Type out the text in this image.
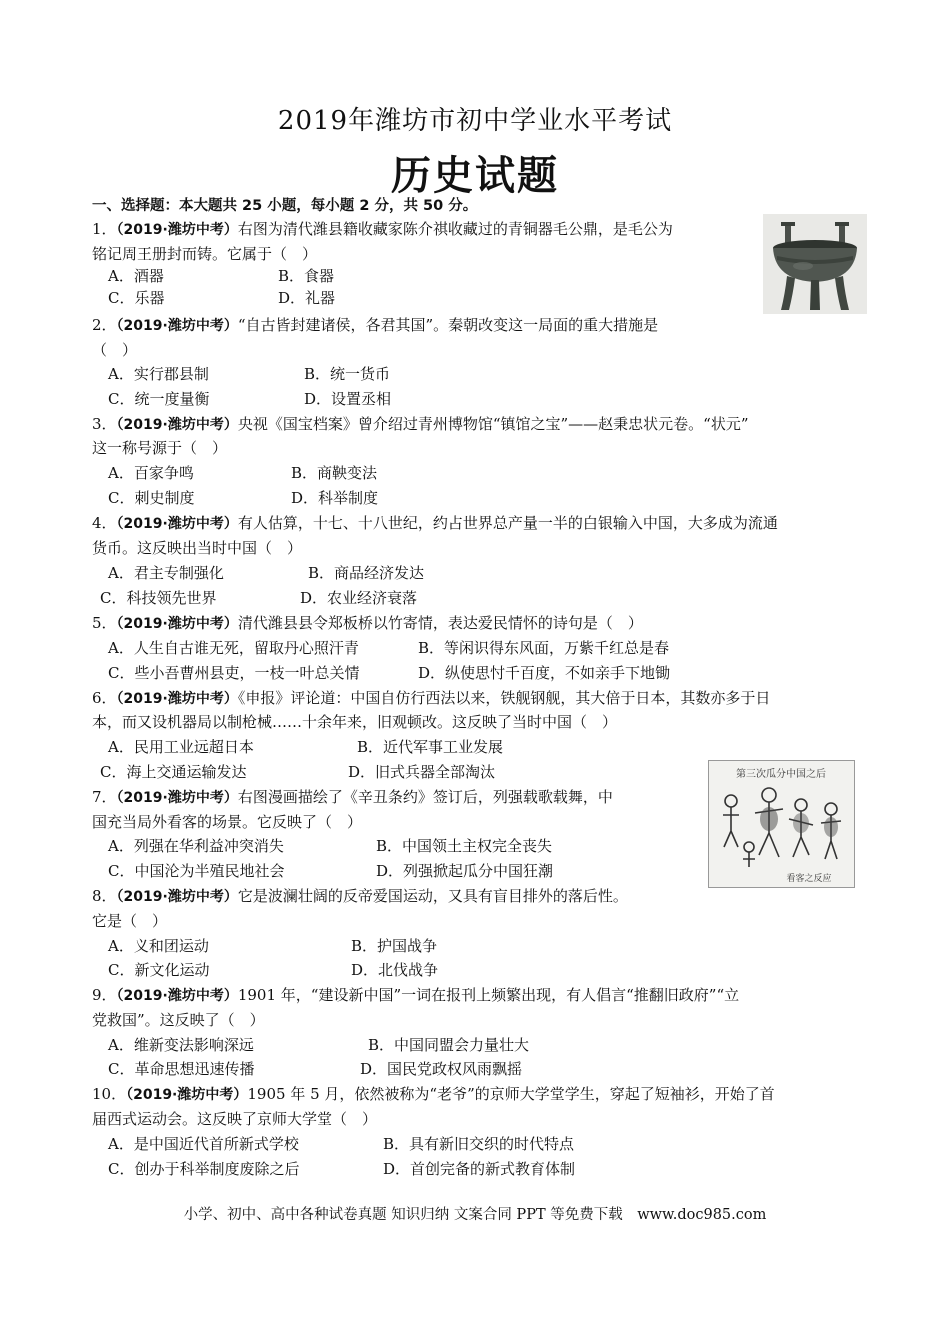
2019年潍坊市初中学业水平考试
历史试题
一、选择题：本大题共 25 小题，每小题 2 分，共 50 分。
1．（2019·潍坊中考）右图为清代潍县籍收藏家陈介祺收藏过的青铜器毛公鼎，是毛公为
铭记周王册封而铸。它属于（　）
A．酒器	B．食器
C．乐器	D．礼器
2．（2019·潍坊中考）“自古皆封建诸侯，各君其国”。秦朝改变这一局面的重大措施是
（　）
A．实行郡县制	B．统一货币
C．统一度量衡	D．设置丞相
3．（2019·潍坊中考）央视《国宝档案》曾介绍过青州博物馆“镇馆之宝”——赵秉忠状元卷。“状元”
这一称号源于（　）
A．百家争鸣	B．商鞅变法
C．刺史制度	D．科举制度
4．（2019·潍坊中考）有人估算，十七、十八世纪，约占世界总产量一半的白银输入中国，大多成为流通
货币。这反映出当时中国（　）
A．君主专制强化	B．商品经济发达
C．科技领先世界	D．农业经济衰落
5．（2019·潍坊中考）清代潍县县令郑板桥以竹寄情，表达爱民情怀的诗句是（　）
A．人生自古谁无死，留取丹心照汗青	B．等闲识得东风面，万紫千红总是春
C．些小吾曹州县吏，一枝一叶总关情	D．纵使思忖千百度，不如亲手下地锄
6．（2019·潍坊中考）《申报》评论道：中国自仿行西法以来，铁舰钢舰，其大倍于日本，其数亦多于日
本，而又设机器局以制枪械……十余年来，旧观顿改。这反映了当时中国（　）
A．民用工业远超日本	B．近代军事工业发展
C．海上交通运输发达	D．旧式兵器全部淘汰	第三次瓜分中国之后
看客之反应
7．（2019·潍坊中考）右图漫画描绘了《辛丑条约》签订后，列强载歌载舞，中
国充当局外看客的场景。它反映了（　）
A．列强在华利益冲突消失	B．中国领土主权完全丧失
C．中国沦为半殖民地社会	D．列强掀起瓜分中国狂潮
8．（2019·潍坊中考）它是波澜壮阔的反帝爱国运动，又具有盲目排外的落后性。
它是（　）
A．义和团运动	B．护国战争
C．新文化运动	D．北伐战争
9．（2019·潍坊中考）1901 年，“建设新中国”一词在报刊上频繁出现，有人倡言“推翻旧政府”“立
党救国”。这反映了（　）
A．维新变法影响深远	B．中国同盟会力量壮大
C．革命思想迅速传播	D．国民党政权风雨飘摇
10．（2019·潍坊中考）1905 年 5 月，依然被称为“老爷”的京师大学堂学生，穿起了短袖衫，开始了首
届西式运动会。这反映了京师大学堂（　）
A．是中国近代首所新式学校	B．具有新旧交织的时代特点
C．创办于科举制度废除之后	D．首创完备的新式教育体制
小学、初中、高中各种试卷真题 知识归纳 文案合同 PPT 等免费下载　www.doc985.com
